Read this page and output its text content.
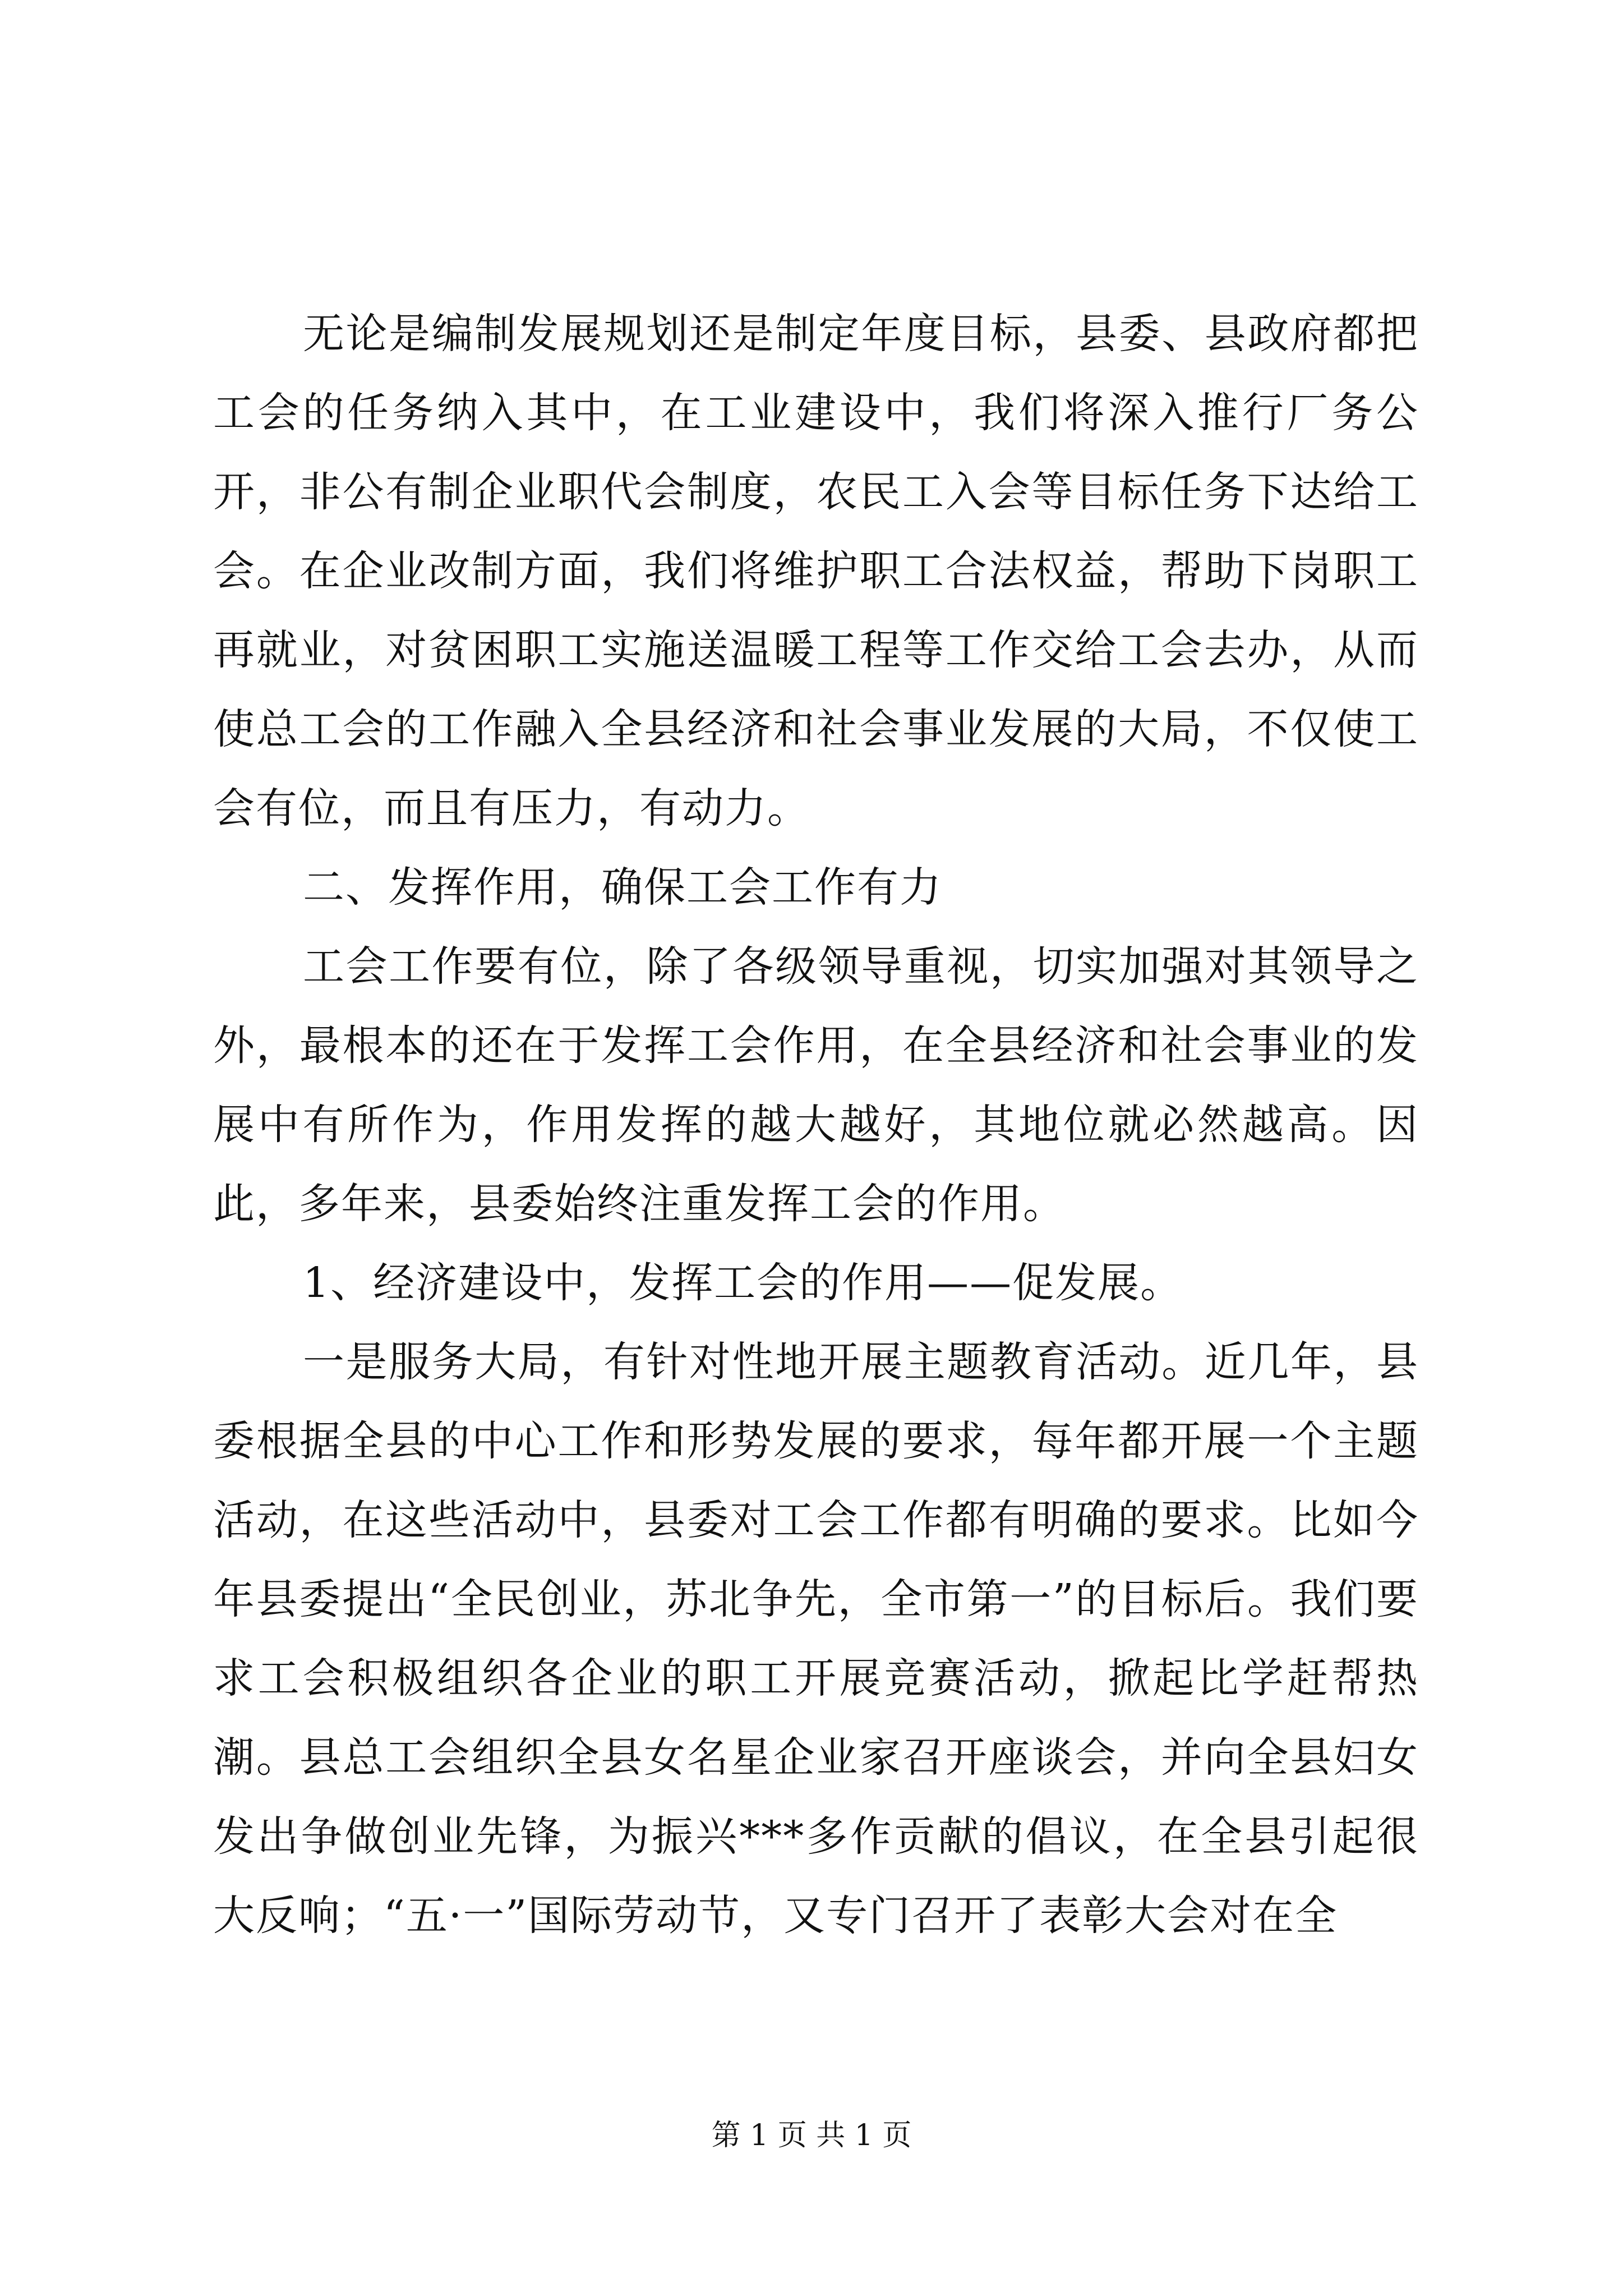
无论是编制发展规划还是制定年度目标，县委、县政府都把工会的任务纳入其中，在工业建设中，我们将深入推行厂务公开，非公有制企业职代会制度，农民工入会等目标任务下达给工会。在企业改制方面，我们将维护职工合法权益，帮助下岗职工再就业，对贫困职工实施送温暖工程等工作交给工会去办，从而使总工会的工作融入全县经济和社会事业发展的大局，不仅使工会有位，而且有压力，有动力。

二、发挥作用，确保工会工作有力

工会工作要有位，除了各级领导重视，切实加强对其领导之外，最根本的还在于发挥工会作用，在全县经济和社会事业的发展中有所作为，作用发挥的越大越好，其地位就必然越高。因此，多年来，县委始终注重发挥工会的作用。

1、经济建设中，发挥工会的作用——促发展。

一是服务大局，有针对性地开展主题教育活动。近几年，县委根据全县的中心工作和形势发展的要求，每年都开展一个主题活动，在这些活动中，县委对工会工作都有明确的要求。比如今年县委提出“全民创业，苏北争先，全市第一”的目标后。我们要求工会积极组织各企业的职工开展竞赛活动，掀起比学赶帮热潮。县总工会组织全县女名星企业家召开座谈会，并向全县妇女发出争做创业先锋，为振兴***多作贡献的倡议，在全县引起很大反响；“五·一”国际劳动节，又专门召开了表彰大会对在全

第 1 页 共 1 页
